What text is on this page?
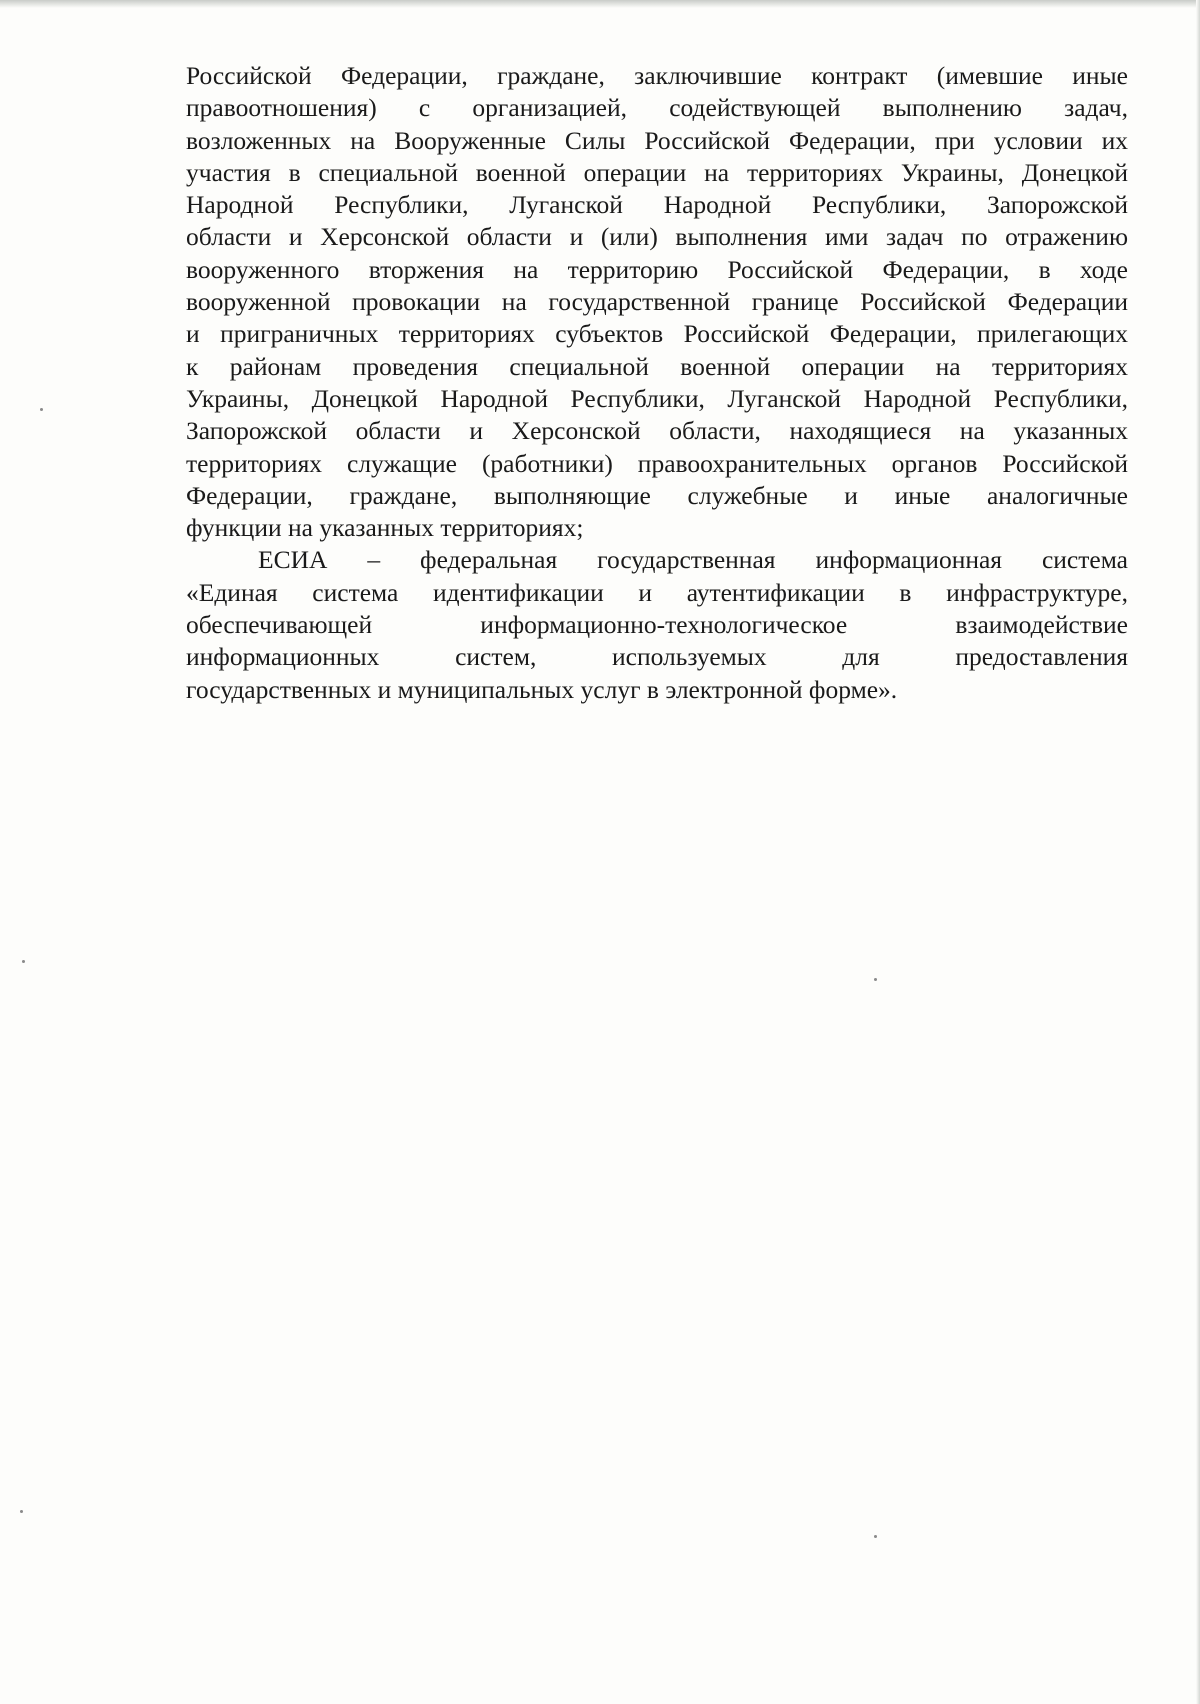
Российской Федерации, граждане, заключившие контракт (имевшие иные
правоотношения) с организацией, содействующей выполнению задач,
возложенных на Вооруженные Силы Российской Федерации, при условии их
участия в специальной военной операции на территориях Украины, Донецкой
Народной Республики, Луганской Народной Республики, Запорожской
области и Херсонской области и (или) выполнения ими задач по отражению
вооруженного вторжения на территорию Российской Федерации, в ходе
вооруженной провокации на государственной границе Российской Федерации
и приграничных территориях субъектов Российской Федерации, прилегающих
к районам проведения специальной военной операции на территориях
Украины, Донецкой Народной Республики, Луганской Народной Республики,
Запорожской области и Херсонской области, находящиеся на указанных
территориях служащие (работники) правоохранительных органов Российской
Федерации, граждане, выполняющие служебные и иные аналогичные
функции на указанных территориях;

ЕСИА – федеральная государственная информационная система
«Единая система идентификации и аутентификации в инфраструктуре,
обеспечивающей информационно-технологическое взаимодействие
информационных систем, используемых для предоставления
государственных и муниципальных услуг в электронной форме».
